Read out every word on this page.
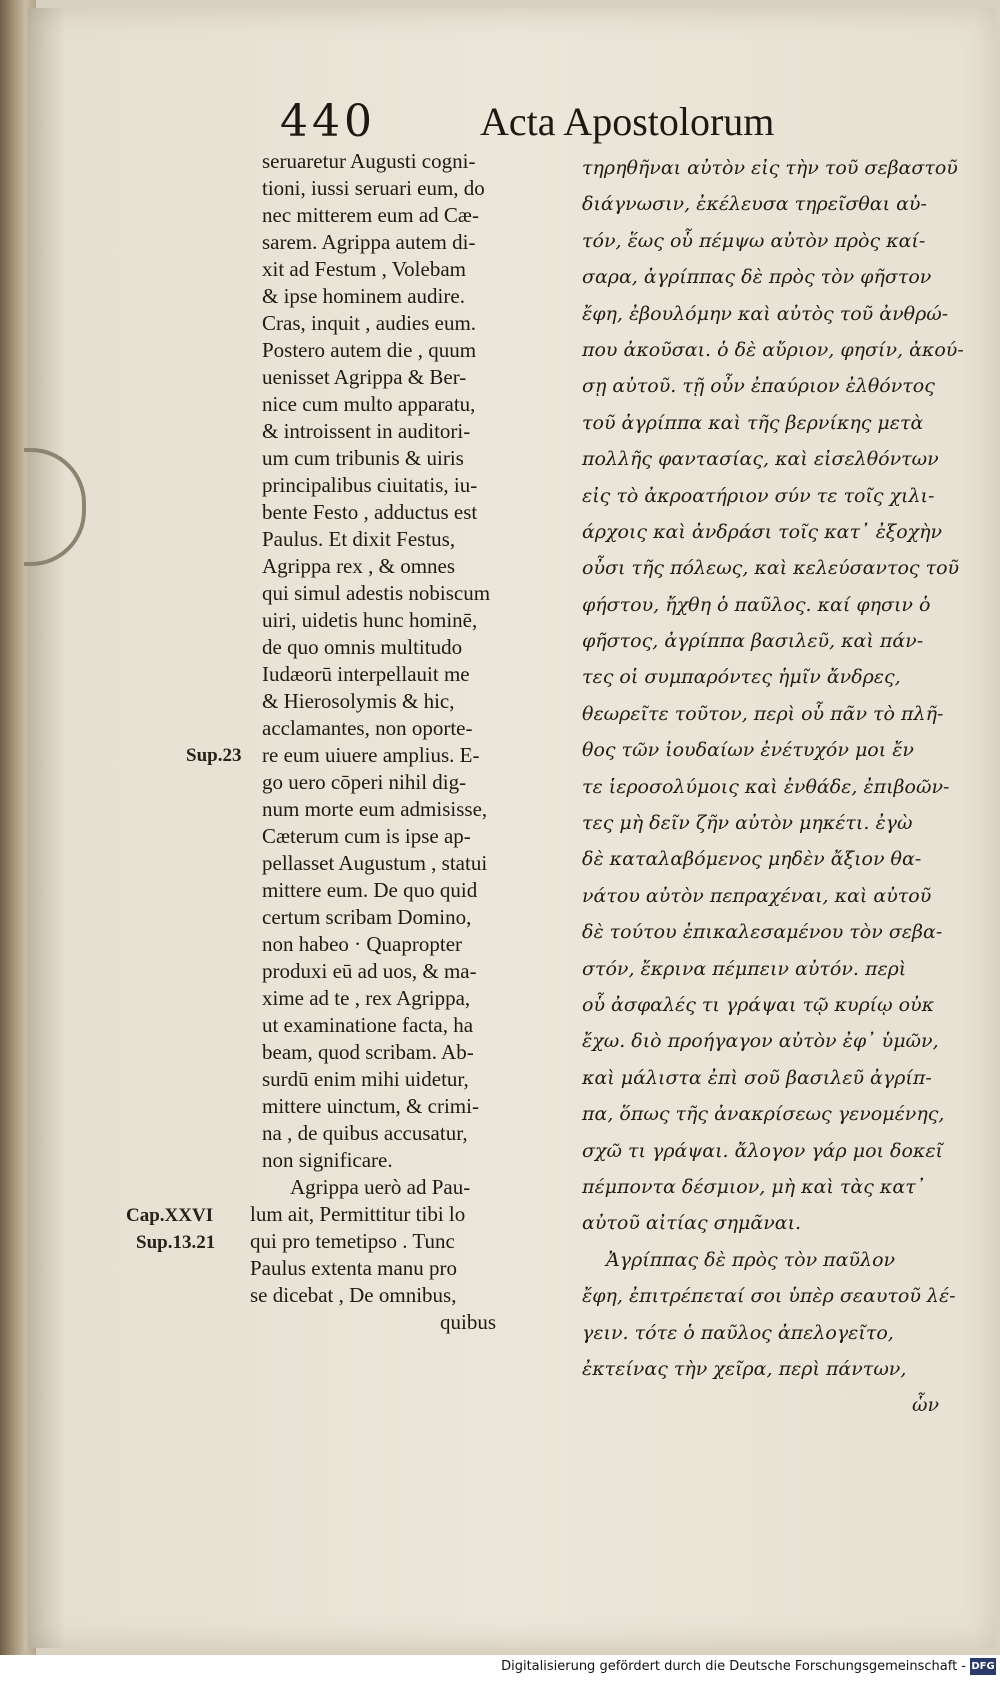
440	Acta Apostolorum
seruaretur Augusti cogni-
tioni, iussi seruari eum, do
nec mitterem eum ad Cæ-
sarem. Agrippa autem di-
xit ad Festum , Volebam
& ipse hominem audire.
Cras, inquit , audies eum.
Postero autem die , quum
uenisset Agrippa & Ber-
nice cum multo apparatu,
& introissent in auditori-
um cum tribunis & uiris
principalibus ciuitatis, iu-
bente Festo , adductus est
Paulus. Et dixit Festus,
Agrippa rex , & omnes
qui simul adestis nobiscum
uiri, uidetis hunc hominē,
de quo omnis multitudo
Iudæorū interpellauit me
& Hierosolymis & hic,
acclamantes, non oporte-
re eum uiuere amplius. E-
go uero cōperi nihil dig-
num morte eum admisisse,
Cæterum cum is ipse ap-
pellasset Augustum , statui
mittere eum. De quo quid
certum scribam Domino,
non habeo · Quapropter
produxi eū ad uos, & ma-
xime ad te , rex Agrippa,
ut examinatione facta, ha
beam, quod scribam. Ab-
surdū enim mihi uidetur,
mittere uinctum, & crimi-
na , de quibus accusatur,
non significare.
Agrippa uerò ad Pau-
lum ait, Permittitur tibi lo
qui pro temetipso . Tunc
Paulus extenta manu pro
se dicebat , De omnibus,
quibus
τηρηθῆναι αὐτὸν εἰς τὴν τοῦ σεβαστοῦ
διάγνωσιν, ἐκέλευσα τηρεῖσθαι αὐ-
τόν, ἕως οὗ πέμψω αὐτὸν πρὸς καί-
σαρα, ἀγρίππας δὲ πρὸς τὸν φῆστον
ἔφη, ἐβουλόμην καὶ αὐτὸς τοῦ ἀνθρώ-
που ἀκοῦσαι. ὁ δὲ αὔριον, φησίν, ἀκού-
σῃ αὐτοῦ. τῇ οὖν ἐπαύριον ἐλθόντος
τοῦ ἀγρίππα καὶ τῆς βερνίκης μετὰ
πολλῆς φαντασίας, καὶ εἰσελθόντων
εἰς τὸ ἀκροατήριον σύν τε τοῖς χιλι-
άρχοις καὶ ἀνδράσι τοῖς κατ᾽ ἐξοχὴν
οὖσι τῆς πόλεως, καὶ κελεύσαντος τοῦ
φήστου, ἤχθη ὁ παῦλος. καί φησιν ὁ
φῆστος, ἀγρίππα βασιλεῦ, καὶ πάν-
τες οἱ συμπαρόντες ἡμῖν ἄνδρες,
θεωρεῖτε τοῦτον, περὶ οὗ πᾶν τὸ πλῆ-
θος τῶν ἰουδαίων ἐνέτυχόν μοι ἔν
τε ἱεροσολύμοις καὶ ἐνθάδε, ἐπιβοῶν-
τες μὴ δεῖν ζῆν αὐτὸν μηκέτι. ἐγὼ
δὲ καταλαβόμενος μηδὲν ἄξιον θα-
νάτου αὐτὸν πεπραχέναι, καὶ αὐτοῦ
δὲ τούτου ἐπικαλεσαμένου τὸν σεβα-
στόν, ἔκρινα πέμπειν αὐτόν. περὶ
οὗ ἀσφαλές τι γράψαι τῷ κυρίῳ οὐκ
ἔχω. διὸ προήγαγον αὐτὸν ἐφ᾽ ὑμῶν,
καὶ μάλιστα ἐπὶ σοῦ βασιλεῦ ἀγρίπ-
πα, ὅπως τῆς ἀνακρίσεως γενομένης,
σχῶ τι γράψαι. ἄλογον γάρ μοι δοκεῖ
πέμποντα δέσμιον, μὴ καὶ τὰς κατ᾽
αὐτοῦ αἰτίας σημᾶναι.
Ἀγρίππας δὲ πρὸς τὸν παῦλον
ἔφη, ἐπιτρέπεταί σοι ὑπὲρ σεαυτοῦ λέ-
γειν. τότε ὁ παῦλος ἀπελογεῖτο,
ἐκτείνας τὴν χεῖρα, περὶ πάντων,
ὧν
Sup.23
Cap.XXVI
Sup.13.21
Digitalisierung gefördert durch die Deutsche Forschungsgemeinschaft - DFG
